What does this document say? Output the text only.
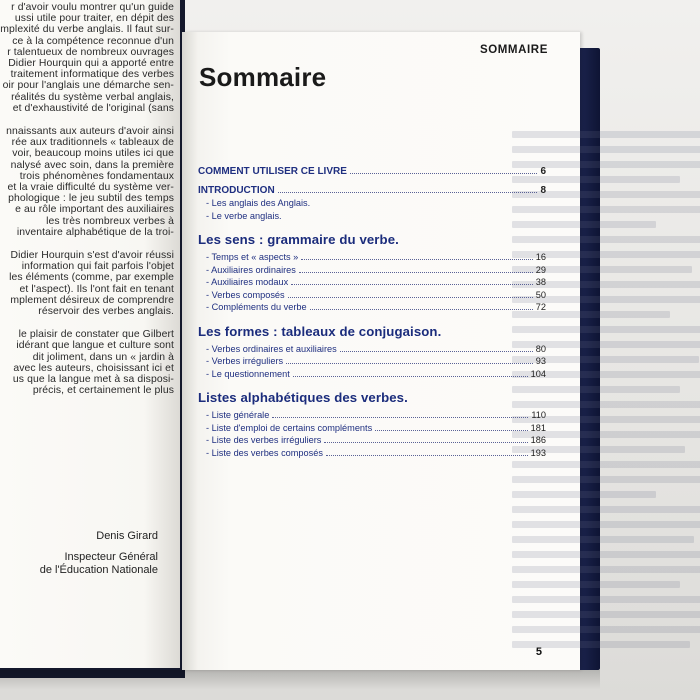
r d'avoir voulu montrer qu'un guide
ussi utile pour traiter, en dépit des
mplexité du verbe anglais. Il faut sur-
ce à la compétence reconnue d'un
r talentueux de nombreux ouvrages
Didier Hourquin qui a apporté entre
traitement informatique des verbes
oir pour l'anglais une démarche sen-
réalités du système verbal anglais,
et d'exhaustivité de l'original (sans

nnaissants aux auteurs d'avoir ainsi
rée aux traditionnels « tableaux de
voir, beaucoup moins utiles ici que
nalysé avec soin, dans la première
trois phénomènes fondamentaux
et la vraie difficulté du système ver-
phologique : le jeu subtil des temps
e au rôle important des auxiliaires
les très nombreux verbes à
inventaire alphabétique de la troi-

Didier Hourquin s'est d'avoir réussi
information qui fait parfois l'objet
les éléments (comme, par exemple
et l'aspect). Ils l'ont fait en tenant
mplement désireux de comprendre
réservoir des verbes anglais.

le plaisir de constater que Gilbert
idérant que langue et culture sont
dit joliment, dans un « jardin à
avec les auteurs, choisissant ici et
us que la langue met à sa disposi-
précis, et certainement le plus

Denis Girard
Inspecteur Général
de l'Éducation Nationale

SOMMAIRE
Sommaire
COMMENT UTILISER CE LIVRE	6
INTRODUCTION	8
- Les anglais des Anglais.
- Le verbe anglais.
Les sens : grammaire du verbe.
- Temps et « aspects »	16
- Auxiliaires ordinaires	29
- Auxiliaires modaux	38
- Verbes composés	50
- Compléments du verbe	72
Les formes : tableaux de conjugaison.
- Verbes ordinaires et auxiliaires	80
- Verbes irréguliers	93
- Le questionnement	104
Listes alphabétiques des verbes.
- Liste générale	110
- Liste d'emploi de certains compléments	181
- Liste des verbes irréguliers	186
- Liste des verbes composés	193
5
